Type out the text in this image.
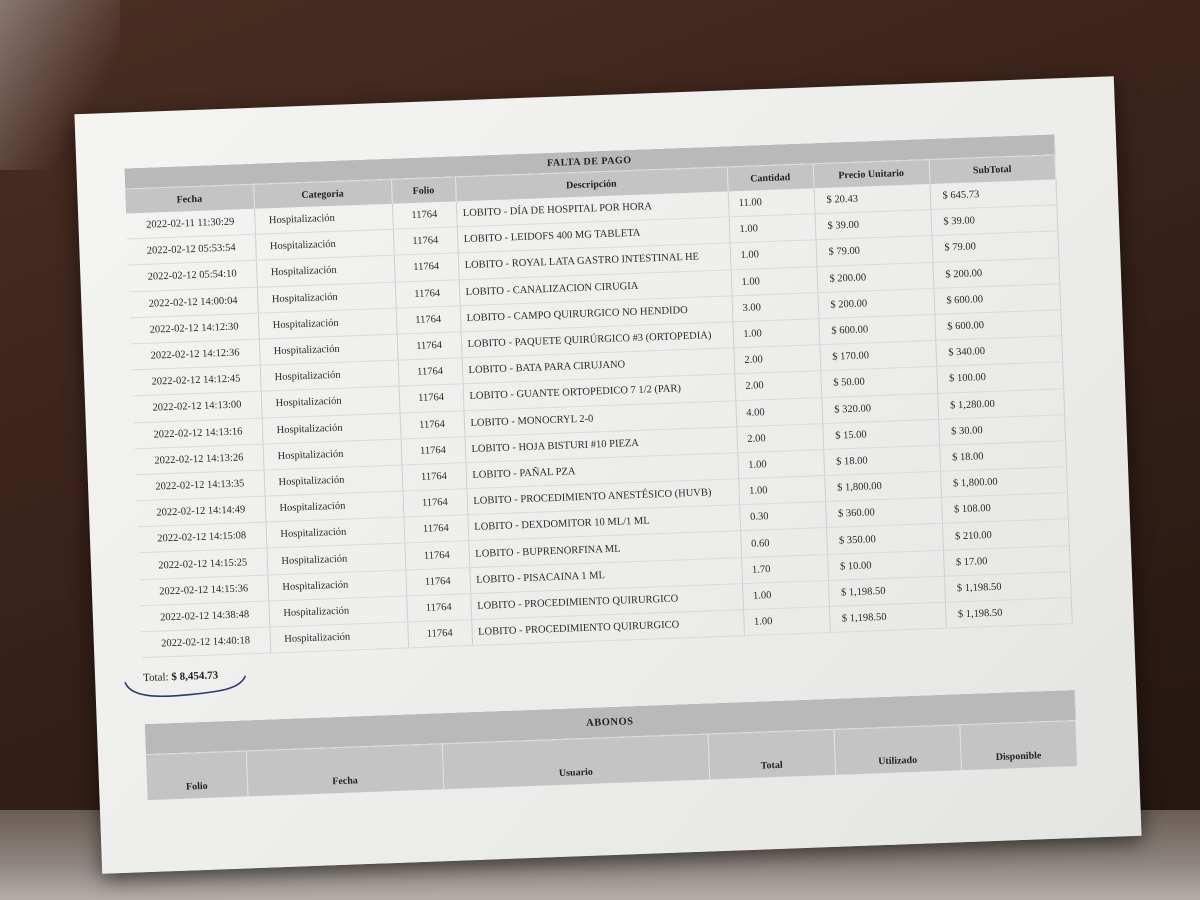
FALTA DE PAGO						
Fecha	Categoria	Folio	Descripción	Cantidad	Precio Unitario	SubTotal
2022-02-11 11:30:29	Hospitalización	11764	LOBITO - DÍA DE HOSPITAL POR HORA	11.00	$ 20.43	$ 645.73
2022-02-12 05:53:54	Hospitalización	11764	LOBITO - LEIDOFS 400 MG TABLETA	1.00	$ 39.00	$ 39.00
2022-02-12 05:54:10	Hospitalización	11764	LOBITO - ROYAL LATA GASTRO INTESTINAL HE	1.00	$ 79.00	$ 79.00
2022-02-12 14:00:04	Hospitalización	11764	LOBITO - CANALIZACION CIRUGIA	1.00	$ 200.00	$ 200.00
2022-02-12 14:12:30	Hospitalización	11764	LOBITO - CAMPO QUIRURGICO NO HENDIDO	3.00	$ 200.00	$ 600.00
2022-02-12 14:12:36	Hospitalización	11764	LOBITO - PAQUETE QUIRÚRGICO #3 (ORTOPEDIA)	1.00	$ 600.00	$ 600.00
2022-02-12 14:12:45	Hospitalización	11764	LOBITO - BATA PARA CIRUJANO	2.00	$ 170.00	$ 340.00
2022-02-12 14:13:00	Hospitalización	11764	LOBITO - GUANTE ORTOPEDICO 7 1/2 (PAR)	2.00	$ 50.00	$ 100.00
2022-02-12 14:13:16	Hospitalización	11764	LOBITO - MONOCRYL 2-0	4.00	$ 320.00	$ 1,280.00
2022-02-12 14:13:26	Hospitalización	11764	LOBITO - HOJA BISTURI #10 PIEZA	2.00	$ 15.00	$ 30.00
2022-02-12 14:13:35	Hospitalización	11764	LOBITO - PAÑAL PZA	1.00	$ 18.00	$ 18.00
2022-02-12 14:14:49	Hospitalización	11764	LOBITO - PROCEDIMIENTO ANESTÉSICO (HUVB)	1.00	$ 1,800.00	$ 1,800.00
2022-02-12 14:15:08	Hospitalización	11764	LOBITO - DEXDOMITOR 10 ML/1 ML	0.30	$ 360.00	$ 108.00
2022-02-12 14:15:25	Hospitalización	11764	LOBITO - BUPRENORFINA ML	0.60	$ 350.00	$ 210.00
2022-02-12 14:15:36	Hospitalización	11764	LOBITO - PISACAINA 1 ML	1.70	$ 10.00	$ 17.00
2022-02-12 14:38:48	Hospitalización	11764	LOBITO - PROCEDIMIENTO QUIRURGICO	1.00	$ 1,198.50	$ 1,198.50
2022-02-12 14:40:18	Hospitalización	11764	LOBITO - PROCEDIMIENTO QUIRURGICO	1.00	$ 1,198.50	$ 1,198.50
Total: $ 8,454.73
ABONOS
Folio	Fecha	Usuario	Total	Utilizado	Disponible
